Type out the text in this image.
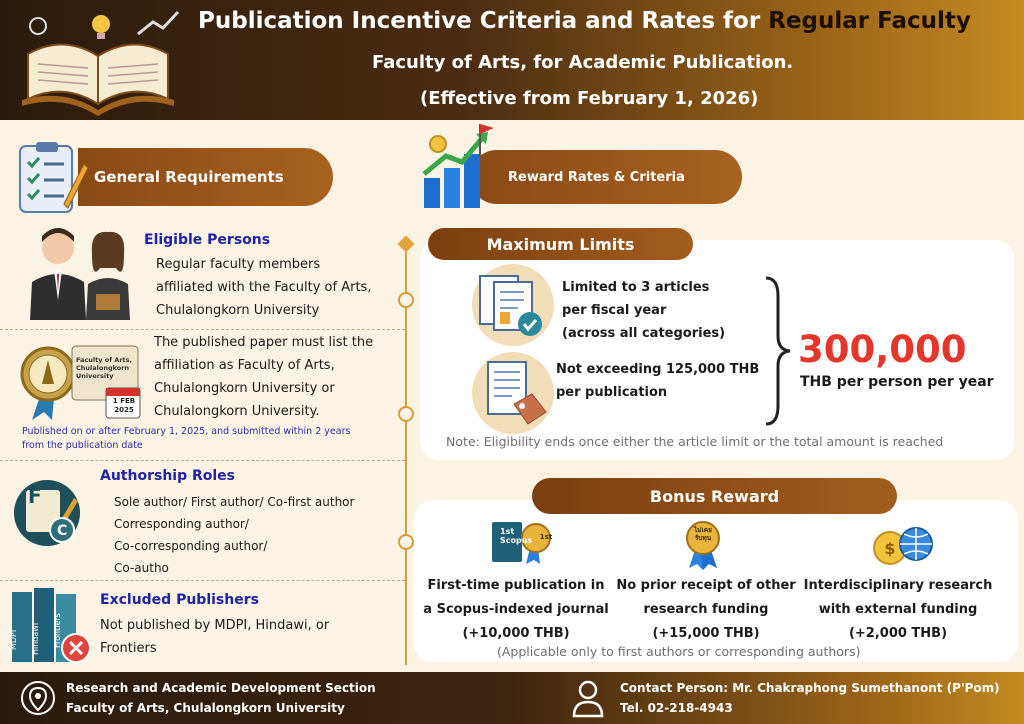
Publication Incentive Criteria and Rates for Regular Faculty
Faculty of Arts, for Academic Publication.
(Effective from February 1, 2026)
General Requirements
Eligible Persons
Regular faculty members
affiliated with the Faculty of Arts,
Chulalongkorn University
Faculty of Arts,
Chulalongkorn
University
1 FEB
2025
The published paper must list the
affiliation as Faculty of Arts,
Chulalongkorn University or
Chulalongkorn University.
Published on or after February 1, 2025, and submitted within 2 years
from the publication date
F
C
Authorship Roles
Sole author/ First author/ Co-first author
Corresponding author/
Co-corresponding author/
Co-autho
MDPI Hindawi Frontiers
Excluded Publishers
Not published by MDPI, Hindawi, or
Frontiers
Reward Rates & Criteria
Maximum Limits
Limited to 3 articles
per fiscal year
(across all categories)
Not exceeding 125,000 THB
per publication
300,000
THB per person per year
Note: Eligibility ends once either the article limit or the total amount is reached
Bonus Reward
1st
Scopus	1st
First-time publication in
a Scopus-indexed journal
(+10,000 THB)
ไม่เคย
รับทุน
No prior receipt of other
research funding
(+15,000 THB)
$
Interdisciplinary research
with external funding
(+2,000 THB)
(Applicable only to first authors or corresponding authors)
Research and Academic Development Section
Faculty of Arts, Chulalongkorn University
Contact Person: Mr. Chakraphong Sumethanont (P'Pom)
Tel. 02-218-4943
